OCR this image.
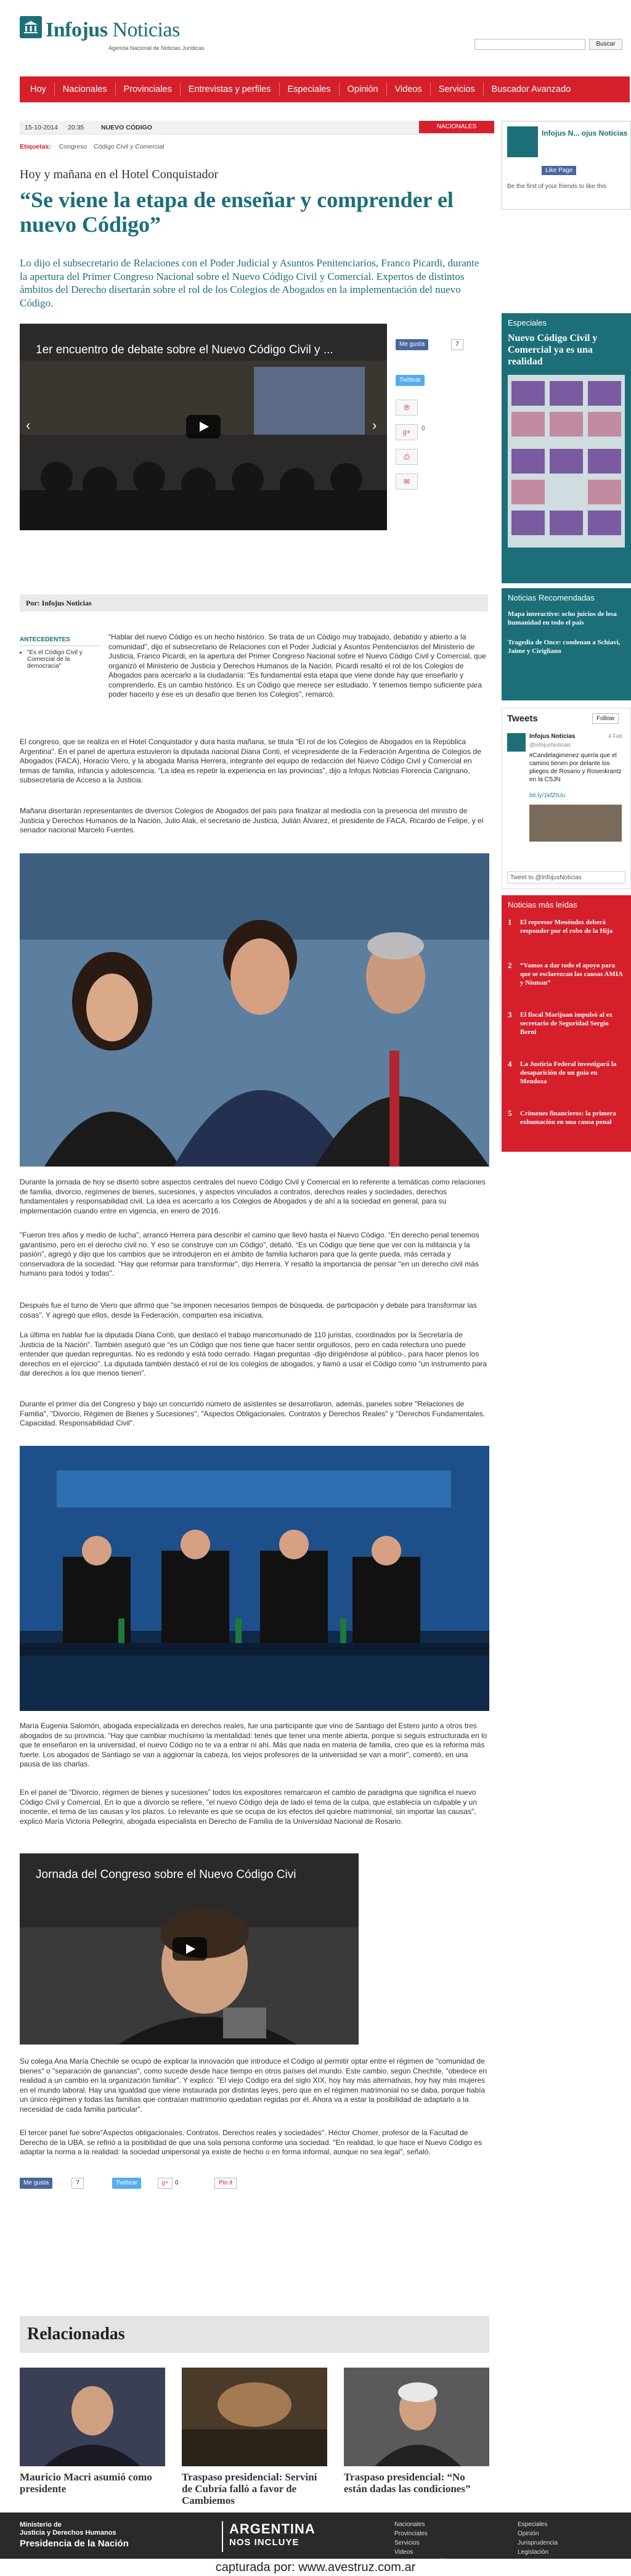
Infojus Noticias
Agencia Nacional de Noticias Jurídicas
Buscar
Hoy	Nacionales	Provinciales	Entrevistas y perfiles	Especiales	Opinión	Videos	Servicios	Buscador Avanzado
15-10-2014 20:35	NUEVO CÓDIGO	NACIONALES
Etiquetas: Congreso Código Civil y Comercial
Hoy y mañana en el Hotel Conquistador
“Se viene la etapa de enseñar y comprender el nuevo Código”
Lo dijo el subsecretario de Relaciones con el Poder Judicial y Asuntos Penitenciarios, Franco Picardi, durante la apertura del Primer Congreso Nacional sobre el Nuevo Código Civil y Comercial. Expertos de distintos ámbitos del Derecho disertarán sobre el rol de los Colegios de Abogados en la implementación del nuevo Código.
1er encuentro de debate sobre el Nuevo Código Civil y ...
‹	›
Me gusta	7
Twittear
℗
g+	0
⎙
✉
Por: Infojus Noticias
ANTECEDENTES
• "Es el Código Civil y Comercial de la democracia"
“Hablar del nuevo Código es un hecho histórico. Se trata de un Código muy trabajado, debatido y abierto a la comunidad”, dijo el subsecretario de Relaciones con el Poder Judicial y Asuntos Penitenciarios del Ministerio de Justicia, Franco Picardi, en la apertura del Primer Congreso Nacional sobre el Nuevo Código Civil y Comercial, que organizó el Ministerio de Justicia y Derechos Humanos de la Nación. Picardi resaltó el rol de los Colegios de Abogados para acercarlo a la ciudadanía: "Es fundamental esta etapa que viene donde hay que enseñarlo y comprenderlo. Es un cambio histórico. Es un Código que merece ser estudiado. Y tenemos tiempo suficiente para poder hacerlo y ése es un desafío que tienen los Colegios", remarcó.
El congreso, que se realiza en el Hotel Conquistador y dura hasta mañana, se titula "El rol de los Colegios de Abogados en la República Argentina". En el panel de apertura estuvieron la diputada nacional Diana Conti, el vicepresidente de la Federación Argentina de Colegios de Abogados (FACA), Horacio Viero, y la abogada Marisa Herrera, integrante del equipo de redacción del Nuevo Código Civil y Comercial en temas de familia, infancia y adolescencia. “La idea es repetir la experiencia en las provincias”, dijo a Infojus Noticias Florencia Carignano, subsecretaria de Acceso a la Justicia.
Mañana disertarán representantes de diversos Colegios de Abogados del país para finalizar al mediodía con la presencia del ministro de Justicia y Derechos Humanos de la Nación, Julio Alak, el secretario de Justicia, Julián Álvarez, el presidente de FACA, Ricardo de Felipe, y el senador nacional Marcelo Fuentes.
Durante la jornada de hoy se disertó sobre aspectos centrales del nuevo Código Civil y Comercial en lo referente a temáticas como relaciones de familia, divorcio, regímenes de bienes, sucesiones, y aspectos vinculados a contratos, derechos reales y sociedades, derechos fundamentales y responsabilidad civil. La idea es acercarlo a los Colegios de Abogados y de ahí a la sociedad en general, para su implementación cuando entre en vigencia, en enero de 2016.
"Fueron tres años y medio de lucha", arrancó Herrera para describir el camino que llevó hasta el Nuevo Código. “En derecho penal tenemos garantismo, pero en el derecho civil no. Y eso se construye con un Código”, detalló. “Es un Código que tiene que ver con la militancia y la pasión”, agregó y dijo que los cambios que se introdujeron en el ámbito de familia lucharon para que la gente pueda, más cerrada y conservadora de la sociedad. “Hay que reformar para transformar”, dijo Herrera. Y resaltó la importancia de pensar "en un derecho civil más humano para todos y todas".
Después fue el turno de Viero que afirmó que "se imponen necesarios tiempos de búsqueda, de participación y debate para transformar las cosas". Y agregó que ellos, desde la Federación, comparten esa iniciativa.
La última en hablar fue la diputada Diana Conti, que destacó el trabajo mancomunado de 110 juristas, coordinados por la Secretaría de Justicia de la Nación". También aseguró que “es un Código que nos tiene que hacer sentir orgullosos, pero en cada relectura uno puede entender que quedan repreguntas. No es redondo y está todo cerrado. Hagan preguntas -dijo dirigiéndose al público-, para hacer plenos los derechos en el ejercicio". La diputada también destacó el rol de los colegios de abogados, y llamó a usar el Código como “un instrumento para dar derechos a los que menos tienen”.
Durante el primer día del Congreso y bajo un concurrido número de asistentes se desarrollaron, además, paneles sobre "Relaciones de Familia", "Divorcio, Régimen de Bienes y Sucesiones", "Aspectos Obligacionales. Contratos y Derechos Reales" y "Derechos Fundamentales. Capacidad. Responsabilidad Civil".
María Eugenia Salomón, abogada especializada en derechos reales, fue una participante que vino de Santiago del Estero junto a otros tres abogados de su provincia. “Hay que cambiar muchísimo la mentalidad: tenés que tener una mente abierta, porque si seguís estructurada en lo que te enseñaron en la universidad, el nuevo Código no te va a entrar ni ahí. Más que nada en materia de familia, creo que es la reforma más fuerte. Los abogados de Santiago se van a aggiornar la cabeza, los viejos profesores de la universidad se van a morir", comentó, en una pausa de las charlas.
En el panel de “Divorcio, régimen de bienes y sucesiones” todos los expositores remarcaron el cambio de paradigma que significa el nuevo Código Civil y Comercial. En lo que a divorcio se refiere, "el nuevo Código deja de lado el tema de la culpa, que establecía un culpable y un inocente, el tema de las causas y los plazos. Lo relevante es que se ocupa de los efectos del quiebre matrimonial, sin importar las causas", explicó María Victoria Pellegrini, abogada especialista en Derecho de Familia de la Universidad Nacional de Rosario.
Jornada del Congreso sobre el Nuevo Código Civi
Su colega Ana María Chechile se ocupó de explicar la innovación que introduce el Código al permitir optar entre el régimen de "comunidad de bienes" o "separación de ganancias", como sucede desde hace tiempo en otros países del mundo. Este cambio, según Chechile, "obedece en realidad a un cambio en la organización familiar". Y explicó: "El viejo Código era del siglo XIX, hoy hay más alternativas, hoy hay más mujeres en el mundo laboral. Hay una igualdad que viene instaurada por distintas leyes, pero que en el régimen matrimonial no se daba, porque había un único régimen y todas las familias que contraían matrimonio quedaban regidas por él. Ahora va a estar la posibilidad de adaptarlo a la necesidad de cada familia particular".
El tercer panel fue sobre"Aspectos obligacionales. Contratos. Derechos reales y sociedades". Héctor Chomer, profesor de la Facultad de Derecho de la UBA, se refirió a la posibilidad de que una sola persona conforme una sociedad. "En realidad, lo que hace el Nuevo Código es adaptar la norma a la realidad: la sociedad unipersonal ya existe de hecho o en forma informal, aunque no sea legal", señaló.
Me gusta	7	Twittear	g+	0	Pin it
Relacionadas
Mauricio Macri asumió como presidente
Traspaso presidencial: Servini de Cubría falló a favor de Cambiemos
Traspaso presidencial: “No están dadas las condiciones”
Infojus N... ojus Noticias
Like Page
Be the first of your friends to like this
Especiales
Nuevo Código Civil y Comercial ya es una realidad
Noticias Recomendadas
Mapa interactivo: ocho juicios de lesa humanidad en todo el país
Tragedia de Once: condenan a Schiavi, Jaime y Cirigliano
Tweets	Follow
Infojus Noticias	4 Feb
@infojusNoticias
#Candelagimenez quería que el camino tienen por delante los pliegos de Rosario y Rosenkrantz en la CSJN
bit.ly/1kfZtUu
Tweet to @InfojusNoticias
Noticias más leídas
1 El represor Menéndez deberá responder por el robo de la Hija
2 “Vamos a dar todo el apoyo para que se esclarezcan las causas AMIA y Nisman”
3 El fiscal Marijuan impulsó al ex secretario de Seguridad Sergio Berni
4 La Justicia Federal investigará la desaparición de un guía en Mendoza
5 Crímenes financieros: la primera exhumación en una causa penal
Ministerio de
Justicia y Derechos Humanos
Presidencia de la Nación
ARGENTINA
NOS INCLUYE
Nacionales
Provinciales
Servicios
Videos
Especiales
Opinión
Jurisprudencia
Legislación
capturada por: www.avestruz.com.ar
